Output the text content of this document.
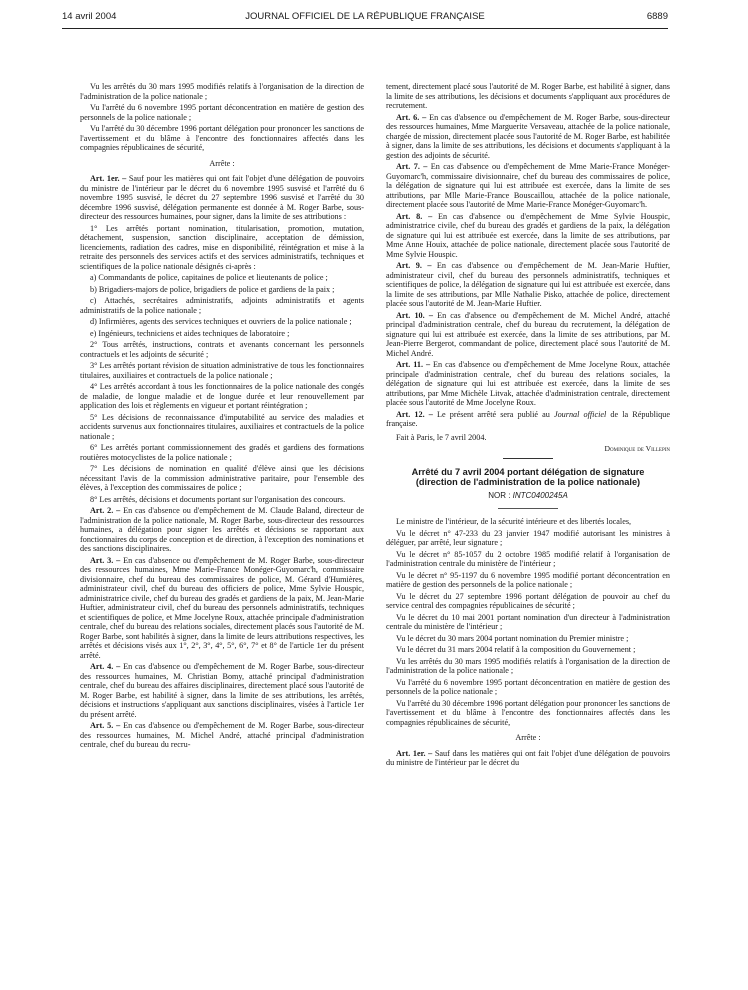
14 avril 2004	JOURNAL OFFICIEL DE LA RÉPUBLIQUE FRANÇAISE	6889

Vu les arrêtés du 30 mars 1995 modifiés relatifs à l'organisation de la direction de l'administration de la police nationale ;

Vu l'arrêté du 6 novembre 1995 portant déconcentration en matière de gestion des personnels de la police nationale ;

Vu l'arrêté du 30 décembre 1996 portant délégation pour prononcer les sanctions de l'avertissement et du blâme à l'encontre des fonctionnaires affectés dans les compagnies républicaines de sécurité,

Arrête :

Art. 1er. – Sauf pour les matières qui ont fait l'objet d'une délégation de pouvoirs du ministre de l'intérieur par le décret du 6 novembre 1995 susvisé et l'arrêté du 6 novembre 1995 susvisé, le décret du 27 septembre 1996 susvisé et l'arrêté du 30 décembre 1996 susvisé, délégation permanente est donnée à M. Roger Barbe, sous-directeur des ressources humaines, pour signer, dans la limite de ses attributions :

1° Les arrêtés portant nomination, titularisation, promotion, mutation, détachement, suspension, sanction disciplinaire, acceptation de démission, licenciements, radiation des cadres, mise en disponibilité, réintégration et mise à la retraite des personnels des services actifs et des services administratifs, techniques et scientifiques de la police nationale désignés ci-après :

a) Commandants de police, capitaines de police et lieutenants de police ;

b) Brigadiers-majors de police, brigadiers de police et gardiens de la paix ;

c) Attachés, secrétaires administratifs, adjoints administratifs et agents administratifs de la police nationale ;

d) Infirmières, agents des services techniques et ouvriers de la police nationale ;

e) Ingénieurs, techniciens et aides techniques de laboratoire ;

2° Tous arrêtés, instructions, contrats et avenants concernant les personnels contractuels et les adjoints de sécurité ;

3° Les arrêtés portant révision de situation administrative de tous les fonctionnaires titulaires, auxiliaires et contractuels de la police nationale ;

4° Les arrêtés accordant à tous les fonctionnaires de la police nationale des congés de maladie, de longue maladie et de longue durée et leur renouvellement par application des lois et règlements en vigueur et portant réintégration ;

5° Les décisions de reconnaissance d'imputabilité au service des maladies et accidents survenus aux fonctionnaires titulaires, auxiliaires et contractuels de la police nationale ;

6° Les arrêtés portant commissionnement des gradés et gardiens des formations routières motocyclistes de la police nationale ;

7° Les décisions de nomination en qualité d'élève ainsi que les décisions nécessitant l'avis de la commission administrative paritaire, pour l'ensemble des élèves, à l'exception des commissaires de police ;

8° Les arrêtés, décisions et documents portant sur l'organisation des concours.

Art. 2. – En cas d'absence ou d'empêchement de M. Claude Baland, directeur de l'administration de la police nationale, M. Roger Barbe, sous-directeur des ressources humaines, a délégation pour signer les arrêtés et décisions se rapportant aux fonctionnaires du corps de conception et de direction, à l'exception des nominations et des sanctions disciplinaires.

Art. 3. – En cas d'absence ou d'empêchement de M. Roger Barbe, sous-directeur des ressources humaines, Mme Marie-France Monéger-Guyomarc'h, commissaire divisionnaire, chef du bureau des commissaires de police, M. Gérard d'Humières, administrateur civil, chef du bureau des officiers de police, Mme Sylvie Houspic, administratrice civile, chef du bureau des gradés et gardiens de la paix, M. Jean-Marie Huftier, administrateur civil, chef du bureau des personnels administratifs, techniques et scientifiques de police, et Mme Jocelyne Roux, attachée principale d'administration centrale, chef du bureau des relations sociales, directement placés sous l'autorité de M. Roger Barbe, sont habilités à signer, dans la limite de leurs attributions respectives, les arrêtés et décisions visés aux 1°, 2°, 3°, 4°, 5°, 6°, 7° et 8° de l'article 1er du présent arrêté.

Art. 4. – En cas d'absence ou d'empêchement de M. Roger Barbe, sous-directeur des ressources humaines, M. Christian Bomy, attaché principal d'administration centrale, chef du bureau des affaires disciplinaires, directement placé sous l'autorité de M. Roger Barbe, est habilité à signer, dans la limite de ses attributions, les arrêtés, décisions et instructions s'appliquant aux sanctions disciplinaires, visées à l'article 1er du présent arrêté.

Art. 5. – En cas d'absence ou d'empêchement de M. Roger Barbe, sous-directeur des ressources humaines, M. Michel André, attaché principal d'administration centrale, chef du bureau du recru-

tement, directement placé sous l'autorité de M. Roger Barbe, est habilité à signer, dans la limite de ses attributions, les décisions et documents s'appliquant aux procédures de recrutement.

Art. 6. – En cas d'absence ou d'empêchement de M. Roger Barbe, sous-directeur des ressources humaines, Mme Marguerite Versaveau, attachée de la police nationale, chargée de mission, directement placée sous l'autorité de M. Roger Barbe, est habilitée à signer, dans la limite de ses attributions, les décisions et documents s'appliquant à la gestion des adjoints de sécurité.

Art. 7. – En cas d'absence ou d'empêchement de Mme Marie-France Monéger-Guyomarc'h, commissaire divisionnaire, chef du bureau des commissaires de police, la délégation de signature qui lui est attribuée est exercée, dans la limite de ses attributions, par Mlle Marie-France Bouscaillou, attachée de la police nationale, directement placée sous l'autorité de Mme Marie-France Monéger-Guyomarc'h.

Art. 8. – En cas d'absence ou d'empêchement de Mme Sylvie Houspic, administratrice civile, chef du bureau des gradés et gardiens de la paix, la délégation de signature qui lui est attribuée est exercée, dans la limite de ses attributions, par Mme Anne Houix, attachée de police nationale, directement placée sous l'autorité de Mme Sylvie Houspic.

Art. 9. – En cas d'absence ou d'empêchement de M. Jean-Marie Huftier, administrateur civil, chef du bureau des personnels administratifs, techniques et scientifiques de police, la délégation de signature qui lui est attribuée est exercée, dans la limite de ses attributions, par Mlle Nathalie Pisko, attachée de police, directement placée sous l'autorité de M. Jean-Marie Huftier.

Art. 10. – En cas d'absence ou d'empêchement de M. Michel André, attaché principal d'administration centrale, chef du bureau du recrutement, la délégation de signature qui lui est attribuée est exercée, dans la limite de ses attributions, par M. Jean-Pierre Bergerot, commandant de police, directement placé sous l'autorité de M. Michel André.

Art. 11. – En cas d'absence ou d'empêchement de Mme Jocelyne Roux, attachée principale d'administration centrale, chef du bureau des relations sociales, la délégation de signature qui lui est attribuée est exercée, dans la limite de ses attributions, par Mme Michèle Litvak, attachée d'administration centrale, directement placée sous l'autorité de Mme Jocelyne Roux.

Art. 12. – Le présent arrêté sera publié au Journal officiel de la République française.

Fait à Paris, le 7 avril 2004.

Dominique de Villepin

Arrêté du 7 avril 2004 portant délégation de signature (direction de l'administration de la police nationale)
NOR : INTC0400245A

Le ministre de l'intérieur, de la sécurité intérieure et des libertés locales,

Vu le décret n° 47-233 du 23 janvier 1947 modifié autorisant les ministres à déléguer, par arrêté, leur signature ;

Vu le décret n° 85-1057 du 2 octobre 1985 modifié relatif à l'organisation de l'administration centrale du ministère de l'intérieur ;

Vu le décret n° 95-1197 du 6 novembre 1995 modifié portant déconcentration en matière de gestion des personnels de la police nationale ;

Vu le décret du 27 septembre 1996 portant délégation de pouvoir au chef du service central des compagnies républicaines de sécurité ;

Vu le décret du 10 mai 2001 portant nomination d'un directeur à l'administration centrale du ministère de l'intérieur ;

Vu le décret du 30 mars 2004 portant nomination du Premier ministre ;

Vu le décret du 31 mars 2004 relatif à la composition du Gouvernement ;

Vu les arrêtés du 30 mars 1995 modifiés relatifs à l'organisation de la direction de l'administration de la police nationale ;

Vu l'arrêté du 6 novembre 1995 portant déconcentration en matière de gestion des personnels de la police nationale ;

Vu l'arrêté du 30 décembre 1996 portant délégation pour prononcer les sanctions de l'avertissement et du blâme à l'encontre des fonctionnaires affectés dans les compagnies républicaines de sécurité,

Arrête :

Art. 1er. – Sauf dans les matières qui ont fait l'objet d'une délégation de pouvoirs du ministre de l'intérieur par le décret du
